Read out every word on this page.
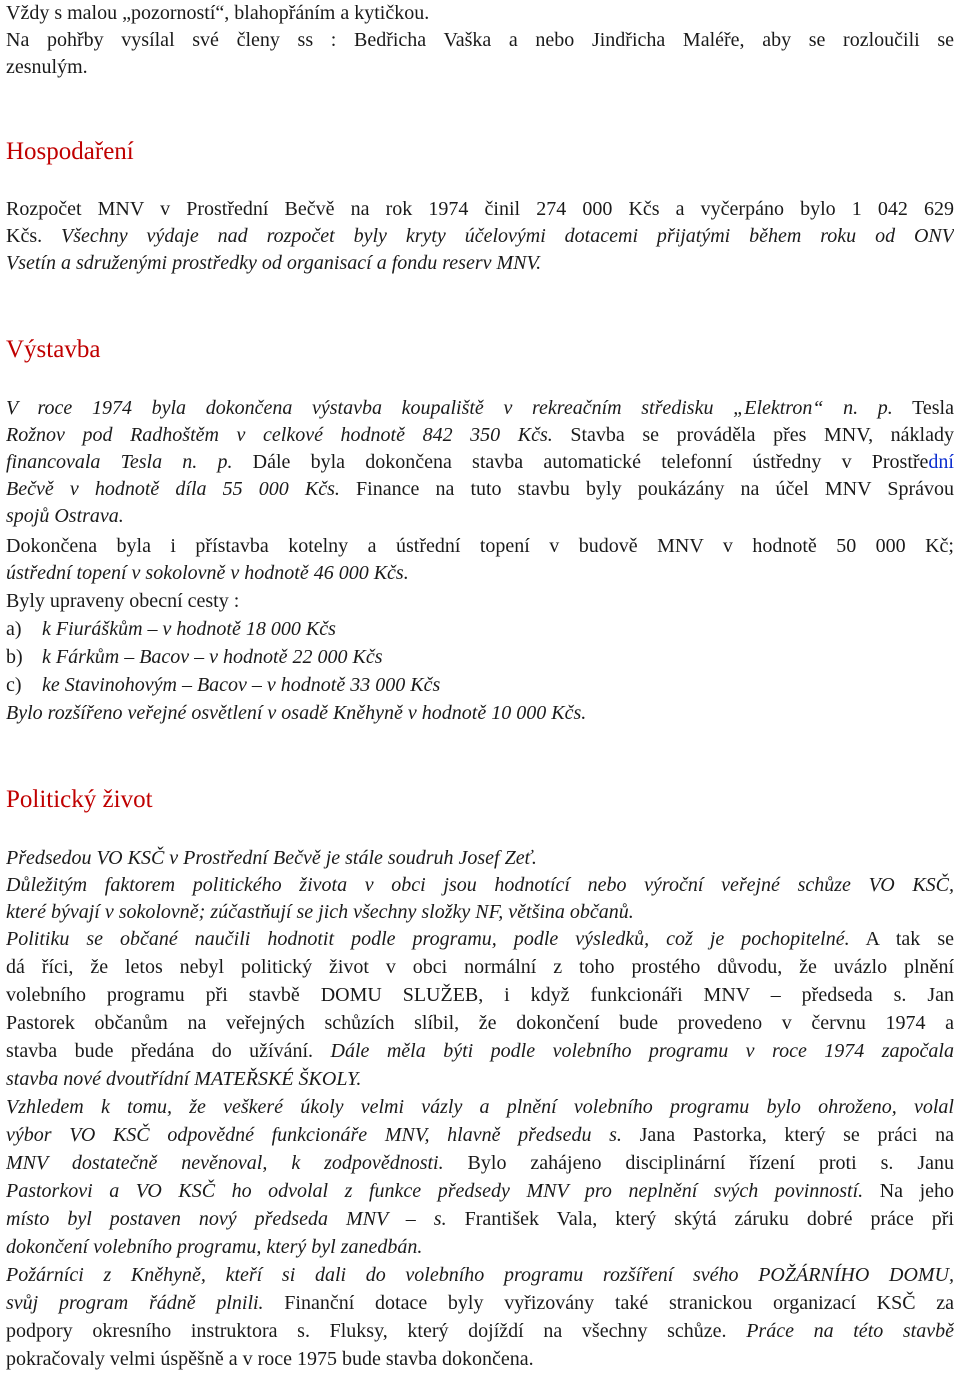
Vždy s malou „pozorností“, blahopřáním a kytičkou.

Na pohřby vysílal své členy ss : Bedřicha Vaška a nebo Jindřicha Maléře, aby se rozloučili se

zesnulým.

Hospodaření

Rozpočet MNV v Prostřední Bečvě na rok 1974 činil 274 000 Kčs a vyčerpáno bylo 1 042 629

Kčs. Všechny výdaje nad rozpočet byly kryty účelovými dotacemi přijatými během roku od ONV

Vsetín a sdruženými prostředky od organisací a fondu reserv MNV.

Výstavba

V roce 1974 byla dokončena výstavba koupaliště v rekreačním středisku „Elektron“ n. p. Tesla

Rožnov pod Radhoštěm v celkové hodnotě 842 350 Kčs. Stavba se prováděla přes MNV, náklady

financovala Tesla n. p. Dále byla dokončena stavba automatické telefonní ústředny v Prostřední

Bečvě v hodnotě díla 55 000 Kčs. Finance na tuto stavbu byly poukázány na účel MNV Správou

spojů Ostrava.

Dokončena byla i přístavba kotelny a ústřední topení v budově MNV v hodnotě 50 000 Kč;

ústřední topení v sokolovně v hodnotě 46 000 Kčs.

Byly upraveny obecní cesty :

a) k Fiuráškům – v hodnotě 18 000 Kčs

b) k Fárkům – Bacov – v hodnotě 22 000 Kčs

c) ke Stavinohovým – Bacov – v hodnotě 33 000 Kčs

Bylo rozšířeno veřejné osvětlení v osadě Kněhyně v hodnotě 10 000 Kčs.

Politický život

Předsedou VO KSČ v Prostřední Bečvě je stále soudruh Josef Zeť.

Důležitým faktorem politického života v obci jsou hodnotící nebo výroční veřejné schůze VO KSČ,

které bývají v sokolovně; zúčastňují se jich všechny složky NF, většina občanů.

Politiku se občané naučili hodnotit podle programu, podle výsledků, což je pochopitelné. A tak se

dá říci, že letos nebyl politický život v obci normální z toho prostého důvodu, že uvázlo plnění

volebního programu při stavbě DOMU SLUŽEB, i když funkcionáři MNV – předseda s. Jan

Pastorek občanům na veřejných schůzích slíbil, že dokončení bude provedeno v červnu 1974 a

stavba bude předána do užívání. Dále měla býti podle volebního programu v roce 1974 započala

stavba nové dvoutřídní MATEŘSKÉ ŠKOLY.

Vzhledem k tomu, že veškeré úkoly velmi vázly a plnění volebního programu bylo ohroženo, volal

výbor VO KSČ odpovědné funkcionáře MNV, hlavně předsedu s. Jana Pastorka, který se práci na

MNV dostatečně nevěnoval, k zodpovědnosti. Bylo zahájeno disciplinární řízení proti s. Janu

Pastorkovi a VO KSČ ho odvolal z funkce předsedy MNV pro neplnění svých povinností. Na jeho

místo byl postaven nový předseda MNV – s. František Vala, který skýtá záruku dobré práce při

dokončení volebního programu, který byl zanedbán.

Požárníci z Kněhyně, kteří si dali do volebního programu rozšíření svého POŽÁRNÍHO DOMU,

svůj program řádně plnili. Finanční dotace byly vyřizovány také stranickou organizací KSČ za

podpory okresního instruktora s. Fluksy, který dojíždí na všechny schůze. Práce na této stavbě

pokračovaly velmi úspěšně a v roce 1975 bude stavba dokončena.
